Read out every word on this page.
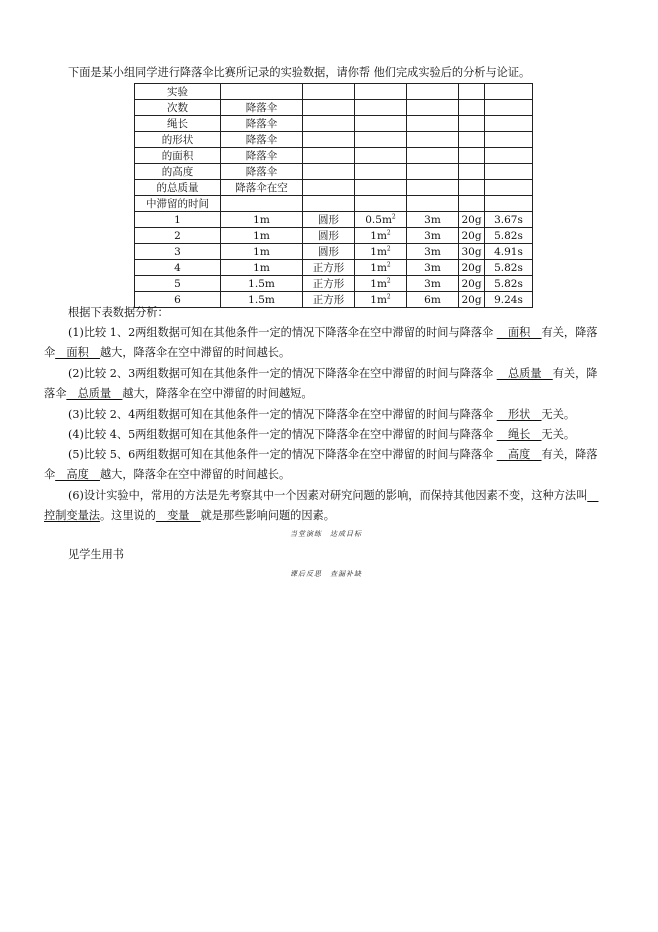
下面是某小组同学进行降落伞比赛所记录的实验数据，请你帮 他们完成实验后的分析与论证。
实验						
次数	降落伞					
绳长	降落伞					
的形状	降落伞					
的面积	降落伞					
的高度	降落伞					
的总质量	降落伞在空					
中滞留的时间						
1	1m	圆形	$0.5m^2$	3m	20g	3.67s
2	1m	圆形	$1m^2$	3m	20g	5.82s
3	1m	圆形	$1m^2$	3m	30g	4.91s
4	1m	正方形	$1m^2$	3m	20g	5.82s
5	1.5m	正方形	$1m^2$	3m	20g	5.82s
6	1.5m	正方形	$1m^2$	6m	20g	9.24s
根据下表数据分析：
(1)比较 1、2两组数据可知在其他条件一定的情况下降落伞在空中滞留的时间与降落伞 __面积__有关，降落
伞__面积__越大，降落伞在空中滞留的时间越长。
(2)比较 2、3两组数据可知在其他条件一定的情况下降落伞在空中滞留的时间与降落伞 __总质量__有关，降
落伞__总质量__越大，降落伞在空中滞留的时间越短。
(3)比较 2、4两组数据可知在其他条件一定的情况下降落伞在空中滞留的时间与降落伞 __形状__无关。
(4)比较 4、5两组数据可知在其他条件一定的情况下降落伞在空中滞留的时间与降落伞 __绳长__无关。
(5)比较 5、6两组数据可知在其他条件一定的情况下降落伞在空中滞留的时间与降落伞 __高度__有关，降落
伞__高度__越大，降落伞在空中滞留的时间越长。
(6)设计实验中，常用的方法是先考察其中一个因素对研究问题的影响，而保持其他因素不变，这种方法叫__
控制变量法。这里说的__变量__就是那些影响问题的因素。
当堂演练　达成目标
见学生用书
课后反思　查漏补缺
